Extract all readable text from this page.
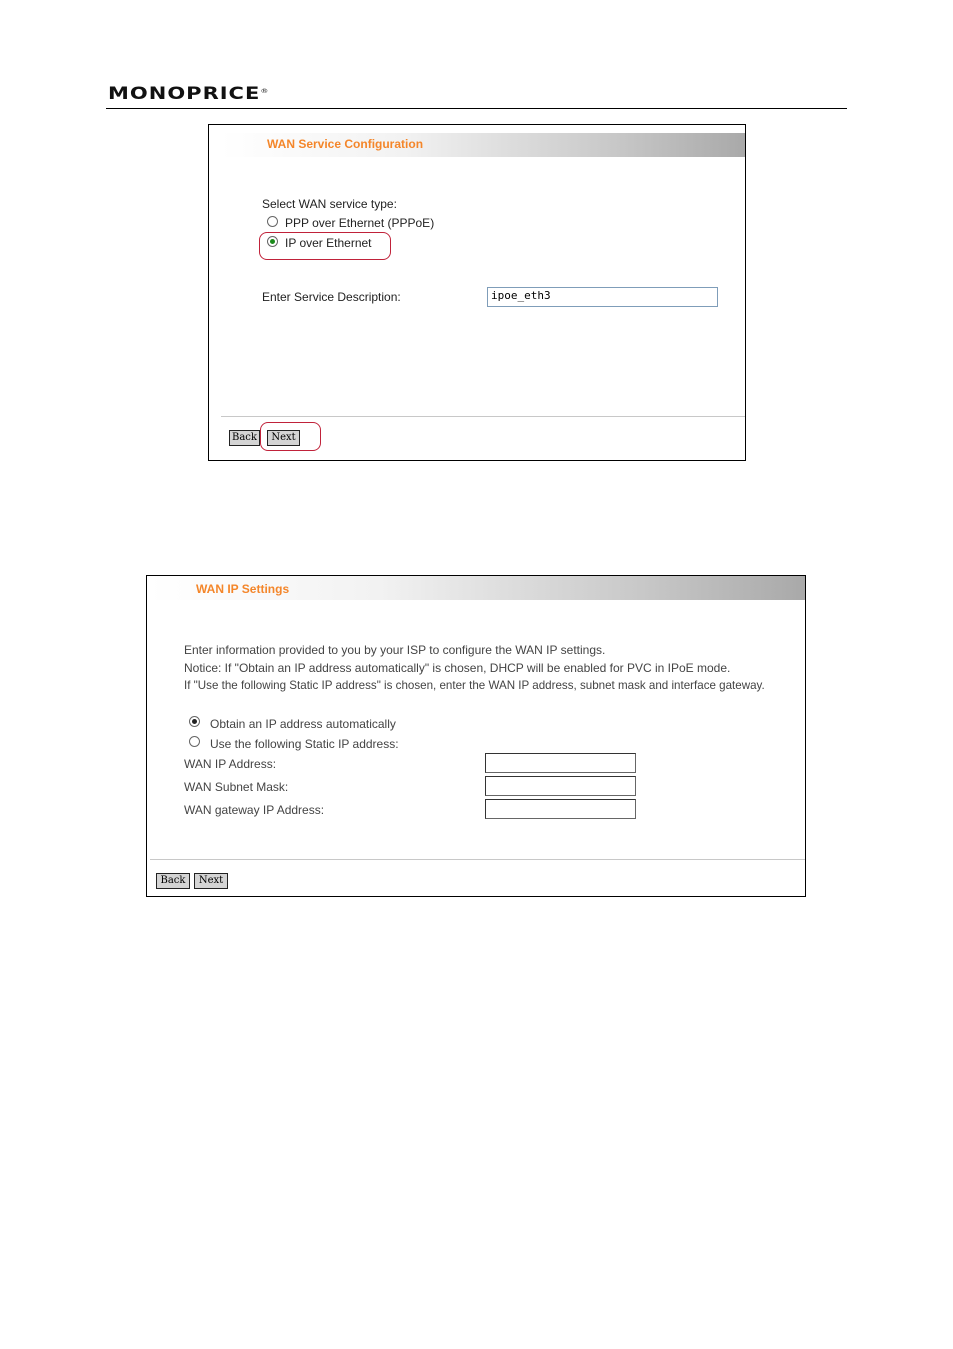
MONOPRICE®
WAN Service Configuration
Select WAN service type:
PPP over Ethernet (PPPoE)
IP over Ethernet
Enter Service Description:	ipoe_eth3
Back	Next
WAN IP Settings
Enter information provided to you by your ISP to configure the WAN IP settings.
Notice: If "Obtain an IP address automatically" is chosen, DHCP will be enabled for PVC in IPoE mode.
If "Use the following Static IP address" is chosen, enter the WAN IP address, subnet mask and interface gateway.
Obtain an IP address automatically
Use the following Static IP address:
WAN IP Address:
WAN Subnet Mask:
WAN gateway IP Address:
Back	Next
